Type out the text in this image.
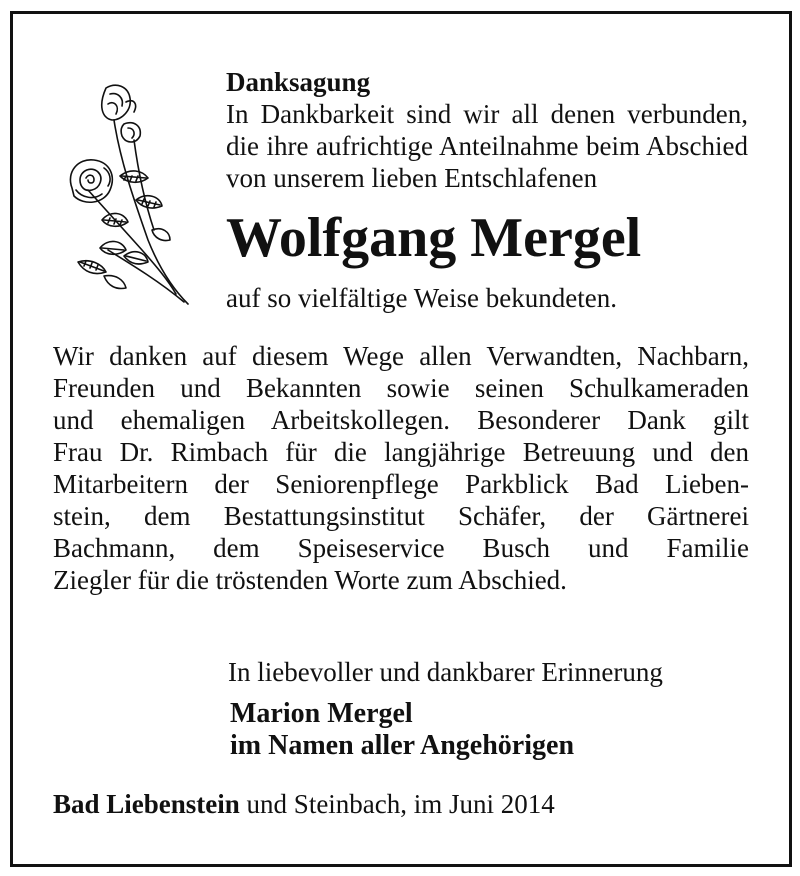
Danksagung

In Dankbarkeit sind wir all denen verbunden, die ihre aufrichtige Anteilnahme beim Abschied von unserem lieben Entschlafenen

Wolfgang Mergel

auf so vielfältige Weise bekundeten.

Wir danken auf diesem Wege allen Verwandten, Nachbarn,
Freunden und Bekannten sowie seinen Schulkameraden
und ehemaligen Arbeitskollegen. Besonderer Dank gilt
Frau Dr. Rimbach für die langjährige Betreuung und den
Mitarbeitern der Seniorenpflege Parkblick Bad Lieben-
stein, dem Bestattungsinstitut Schäfer, der Gärtnerei
Bachmann, dem Speiseservice Busch und Familie
Ziegler für die tröstenden Worte zum Abschied.

In liebevoller und dankbarer Erinnerung

Marion Mergel
im Namen aller Angehörigen

Bad Liebenstein und Steinbach, im Juni 2014
